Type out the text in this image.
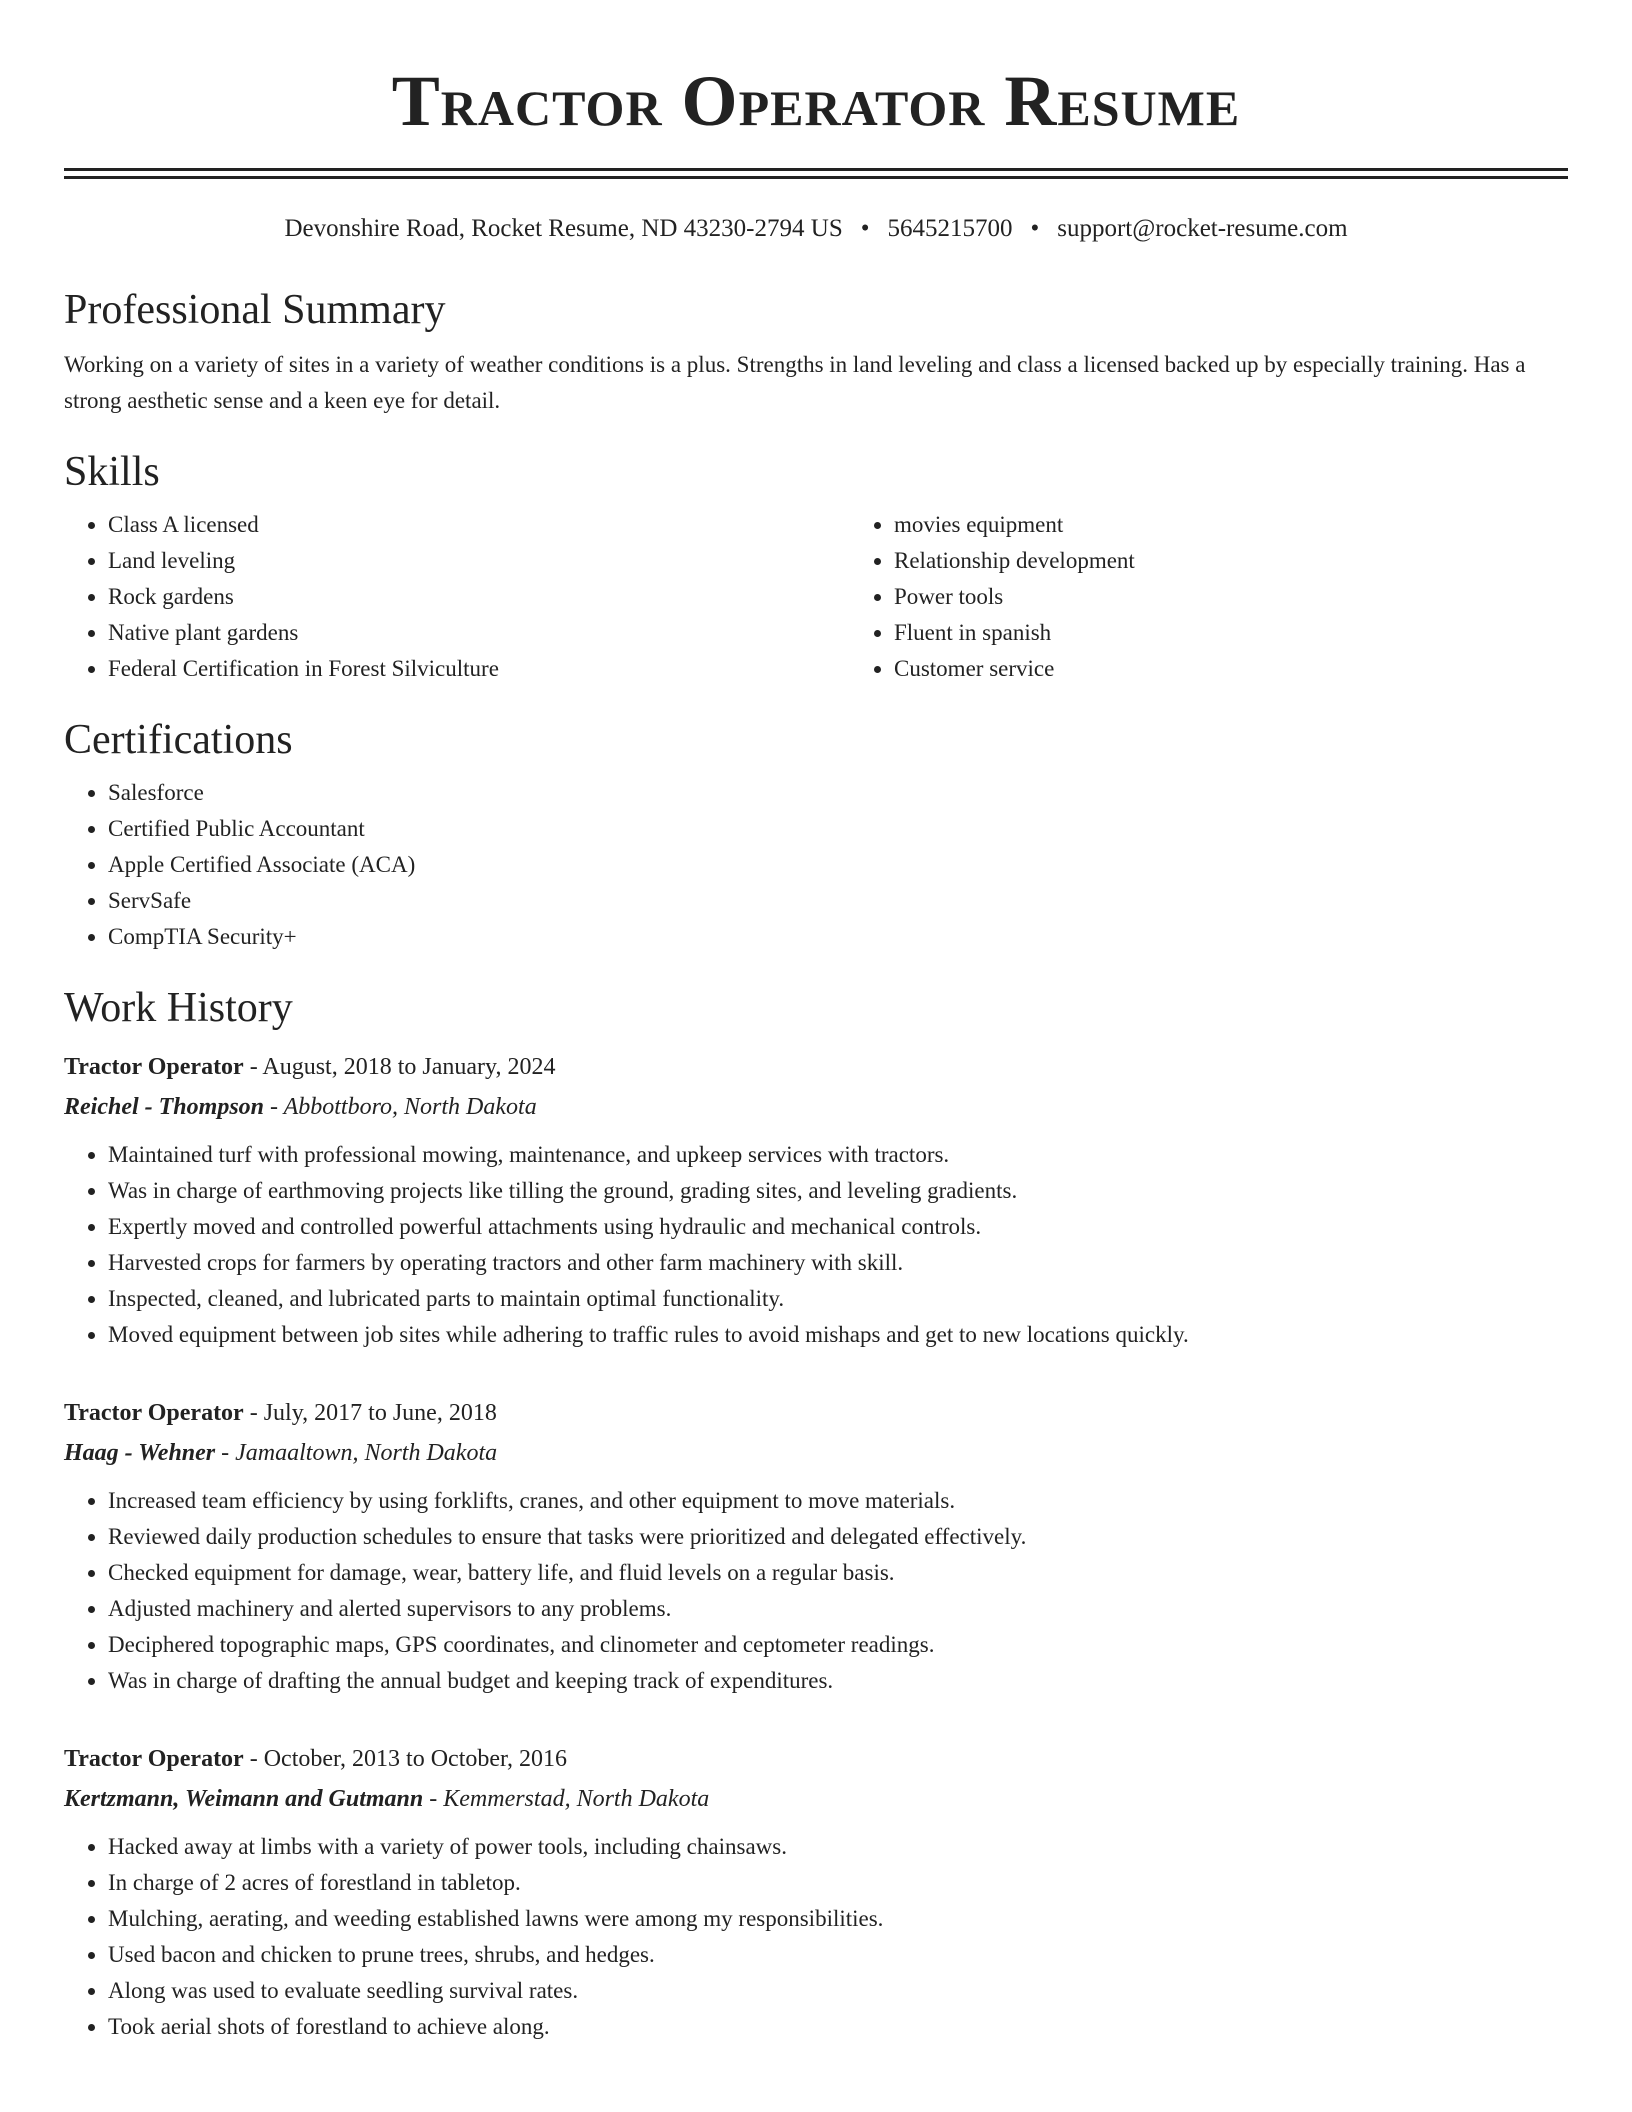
Tractor Operator Resume
Devonshire Road, Rocket Resume, ND 43230-2794 US • 5645215700 • support@rocket-resume.com
Professional Summary

Working on a variety of sites in a variety of weather conditions is a plus. Strengths in land leveling and class a licensed backed up by especially training. Has a strong aesthetic sense and a keen eye for detail.

Skills
• Class A licensed
• Land leveling
• Rock gardens
• Native plant gardens
• Federal Certification in Forest Silviculture
• movies equipment
• Relationship development
• Power tools
• Fluent in spanish
• Customer service
Certifications
• Salesforce
• Certified Public Accountant
• Apple Certified Associate (ACA)
• ServSafe
• CompTIA Security+
Work History
Tractor Operator - August, 2018 to January, 2024
Reichel - Thompson - Abbottboro, North Dakota
• Maintained turf with professional mowing, maintenance, and upkeep services with tractors.
• Was in charge of earthmoving projects like tilling the ground, grading sites, and leveling gradients.
• Expertly moved and controlled powerful attachments using hydraulic and mechanical controls.
• Harvested crops for farmers by operating tractors and other farm machinery with skill.
• Inspected, cleaned, and lubricated parts to maintain optimal functionality.
• Moved equipment between job sites while adhering to traffic rules to avoid mishaps and get to new locations quickly.
Tractor Operator - July, 2017 to June, 2018
Haag - Wehner - Jamaaltown, North Dakota
• Increased team efficiency by using forklifts, cranes, and other equipment to move materials.
• Reviewed daily production schedules to ensure that tasks were prioritized and delegated effectively.
• Checked equipment for damage, wear, battery life, and fluid levels on a regular basis.
• Adjusted machinery and alerted supervisors to any problems.
• Deciphered topographic maps, GPS coordinates, and clinometer and ceptometer readings.
• Was in charge of drafting the annual budget and keeping track of expenditures.
Tractor Operator - October, 2013 to October, 2016
Kertzmann, Weimann and Gutmann - Kemmerstad, North Dakota
• Hacked away at limbs with a variety of power tools, including chainsaws.
• In charge of 2 acres of forestland in tabletop.
• Mulching, aerating, and weeding established lawns were among my responsibilities.
• Used bacon and chicken to prune trees, shrubs, and hedges.
• Along was used to evaluate seedling survival rates.
• Took aerial shots of forestland to achieve along.
